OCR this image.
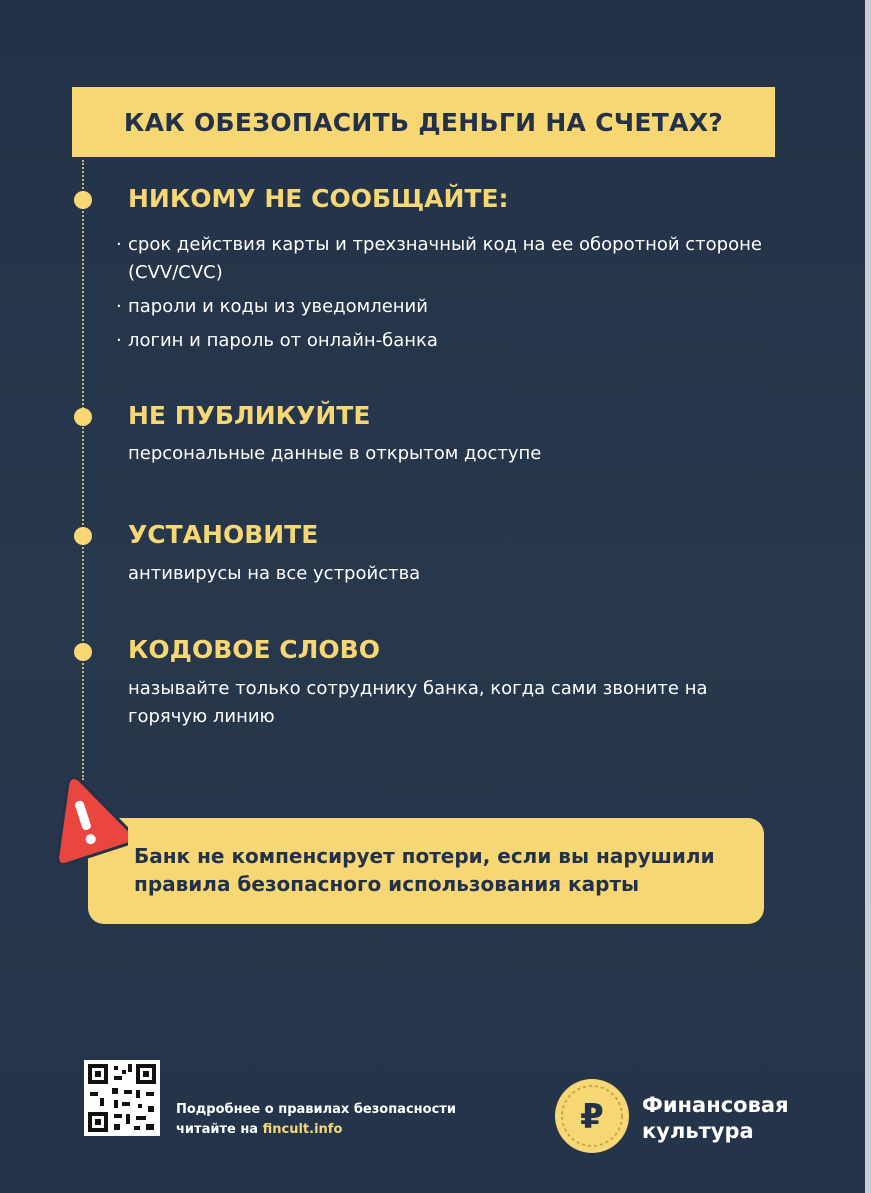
КАК ОБЕЗОПАСИТЬ ДЕНЬГИ НА СЧЕТАХ?
НИКОМУ НЕ СООБЩАЙТЕ:
· срок действия карты и трехзначный код на ее оборотной стороне (CVV/CVC)
· пароли и коды из уведомлений
· логин и пароль от онлайн-банка
НЕ ПУБЛИКУЙТЕ

персональные данные в открытом доступе

УСТАНОВИТЕ

антивирусы на все устройства

КОДОВОЕ СЛОВО

называйте только сотруднику банка, когда сами звоните на горячую линию

Банк не компенсирует потери, если вы нарушили правила безопасного использования карты

Подробнее о правилах безопасности
читайте на fincult.info	₽ Финансовая
культура
